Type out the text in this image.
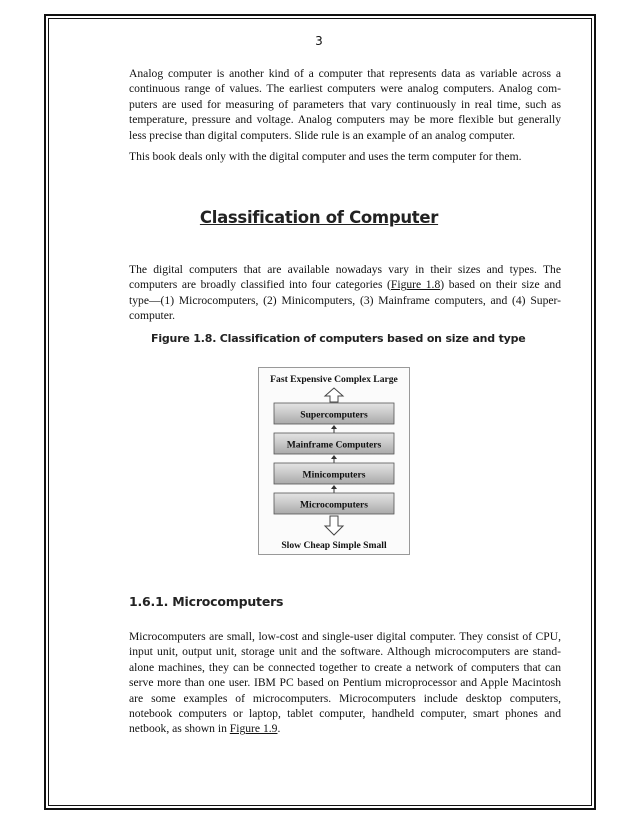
3

Analog computer is another kind of a computer that represents data as variable across a continuous range of values. The earliest computers were analog computers. Analog com-puters are used for measuring of parameters that vary continuously in real time, such as temperature, pressure and voltage. Analog computers may be more flexible but generally less precise than digital computers. Slide rule is an example of an analog computer.

This book deals only with the digital computer and uses the term computer for them.

Classification of Computer

The digital computers that are available nowadays vary in their sizes and types. The computers are broadly classified into four categories (Figure 1.8) based on their size and type—(1) Microcomputers, (2) Minicomputers, (3) Mainframe computers, and (4) Super-computer.

Figure 1.8. Classification of computers based on size and type
Fast Expensive Complex Large
Supercomputers
Mainframe Computers
Minicomputers
Microcomputers
Slow Cheap Simple Small
1.6.1. Microcomputers

Microcomputers are small, low-cost and single-user digital computer. They consist of CPU, input unit, output unit, storage unit and the software. Although microcomputers are stand-alone machines, they can be connected together to create a network of computers that can serve more than one user. IBM PC based on Pentium microprocessor and Apple Macintosh are some examples of microcomputers. Microcomputers include desktop computers, notebook computers or laptop, tablet computer, handheld computer, smart phones and netbook, as shown in Figure 1.9.
